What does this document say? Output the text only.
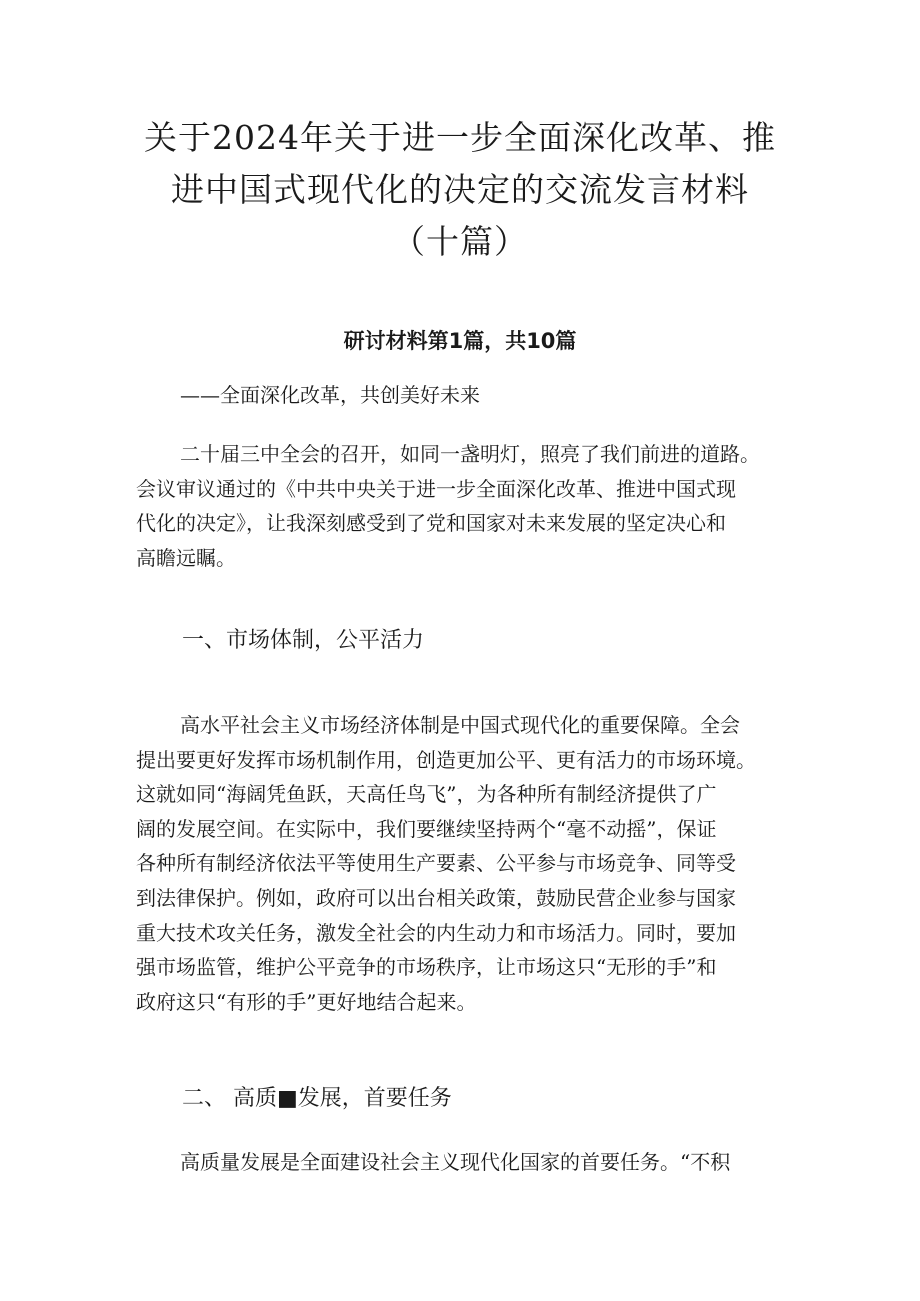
关于2024年关于进一步全面深化改革、推
进中国式现代化的决定的交流发言材料
（十篇）
研讨材料第1篇，共10篇
——全面深化改革，共创美好未来

二十届三中全会的召开，如同一盏明灯，照亮了我们前进的道路。
会议审议通过的《中共中央关于进一步全面深化改革、推进中国式现
代化的决定》，让我深刻感受到了党和国家对未来发展的坚定决心和
高瞻远瞩。

一、市场体制，公平活力

高水平社会主义市场经济体制是中国式现代化的重要保障。全会
提出要更好发挥市场机制作用，创造更加公平、更有活力的市场环境。
这就如同“海阔凭鱼跃，天高任鸟飞”，为各种所有制经济提供了广
阔的发展空间。在实际中，我们要继续坚持两个“毫不动摇”，保证
各种所有制经济依法平等使用生产要素、公平参与市场竞争、同等受
到法律保护。例如，政府可以出台相关政策，鼓励民营企业参与国家
重大技术攻关任务，激发全社会的内生动力和市场活力。同时，要加
强市场监管，维护公平竞争的市场秩序，让市场这只“无形的手”和
政府这只“有形的手”更好地结合起来。

二、 高质■发展，首要任务

高质量发展是全面建设社会主义现代化国家的首要任务。“不积
